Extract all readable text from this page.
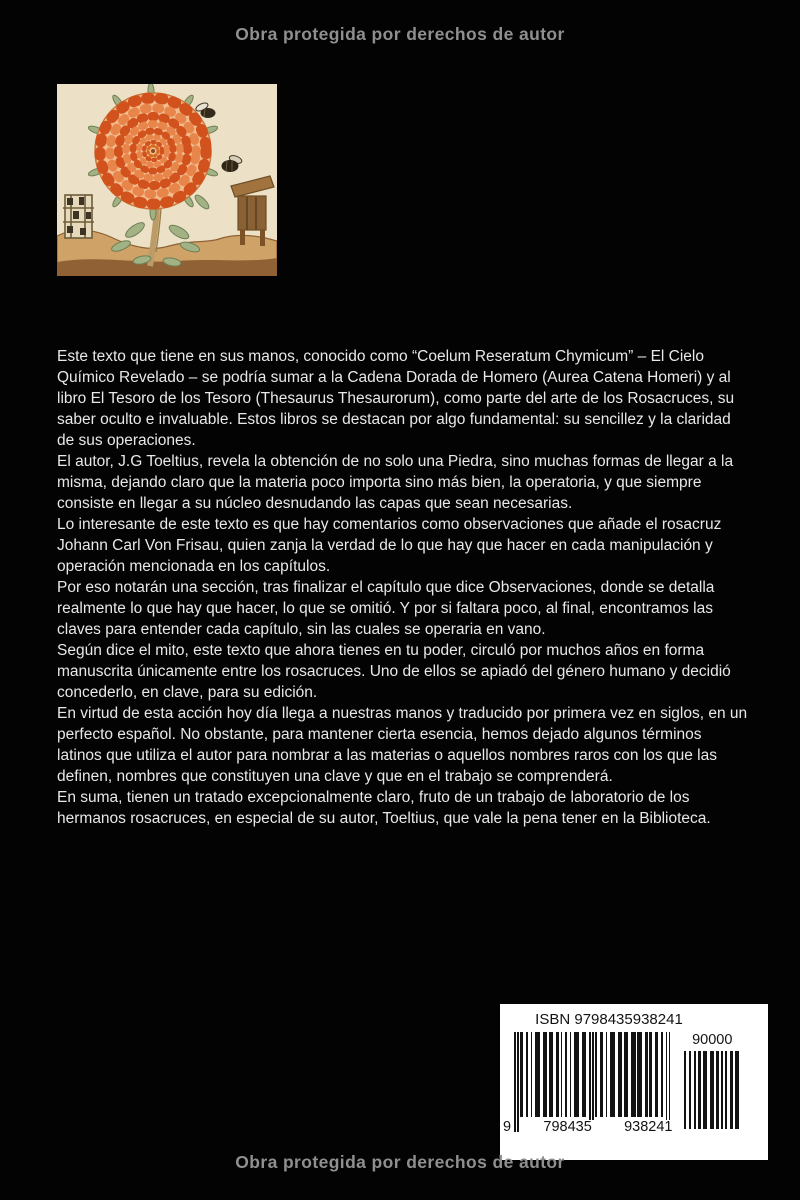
Obra protegida por derechos de autor

Este texto que tiene en sus manos, conocido como “Coelum Reseratum Chymicum” – El Cielo Químico Revelado – se podría sumar a la Cadena Dorada de Homero (Aurea Catena Homeri) y al libro El Tesoro de los Tesoro (Thesaurus Thesaurorum), como parte del arte de los Rosacruces, su saber oculto e invaluable. Estos libros se destacan por algo fundamental: su sencillez y la claridad de sus operaciones.

El autor, J.G Toeltius, revela la obtención de no solo una Piedra, sino muchas formas de llegar a la misma, dejando claro que la materia poco importa sino más bien, la operatoria, y que siempre consiste en llegar a su núcleo desnudando las capas que sean necesarias.

Lo interesante de este texto es que hay comentarios como observaciones que añade el rosacruz Johann Carl Von Frisau, quien zanja la verdad de lo que hay que hacer en cada manipulación y operación mencionada en los capítulos.

Por eso notarán una sección, tras finalizar el capítulo que dice Observaciones, donde se detalla realmente lo que hay que hacer, lo que se omitió. Y por si faltara poco, al final, encontramos las claves para entender cada capítulo, sin las cuales se operaria en vano.

Según dice el mito, este texto que ahora tienes en tu poder, circuló por muchos años en forma manuscrita únicamente entre los rosacruces. Uno de ellos se apiadó del género humano y decidió concederlo, en clave, para su edición.

En virtud de esta acción hoy día llega a nuestras manos y traducido por primera vez en siglos, en un perfecto español. No obstante, para mantener cierta esencia, hemos dejado algunos términos latinos que utiliza el autor para nombrar a las materias o aquellos nombres raros con los que las definen, nombres que constituyen una clave y que en el trabajo se comprenderá.

En suma, tienen un tratado excepcionalmente claro, fruto de un trabajo de laboratorio de los hermanos rosacruces, en especial de su autor, Toeltius, que vale la pena tener en la Biblioteca.

ISBN 9798435938241
9 798435 938241
90000
Obra protegida por derechos de autor
